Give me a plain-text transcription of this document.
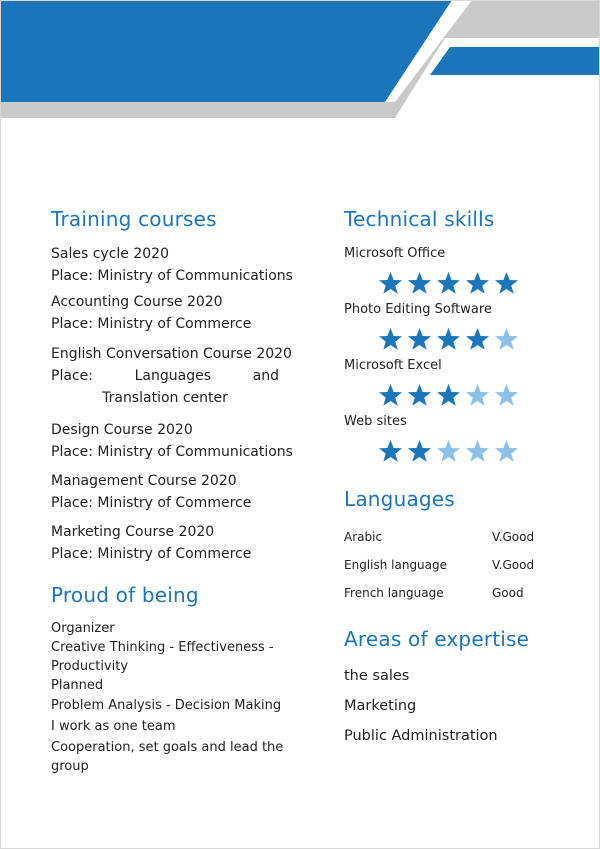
Training courses
Sales cycle 2020
Place: Ministry of Communications
Accounting Course 2020
Place: Ministry of Commerce
English Conversation Course 2020
Place: Languages and Translation center
Design Course 2020
Place: Ministry of Communications
Management Course 2020
Place: Ministry of Commerce
Marketing Course 2020
Place: Ministry of Commerce
Proud of being
Organizer
Creative Thinking - Effectiveness - Productivity
Planned
Problem Analysis - Decision Making
I work as one team
Cooperation, set goals and lead the group
Technical skills
Microsoft Office
Photo Editing Software
Microsoft Excel
Web sites
Languages
Arabic	V.Good
English language	V.Good
French language	Good
Areas of expertise
the sales
Marketing
Public Administration
